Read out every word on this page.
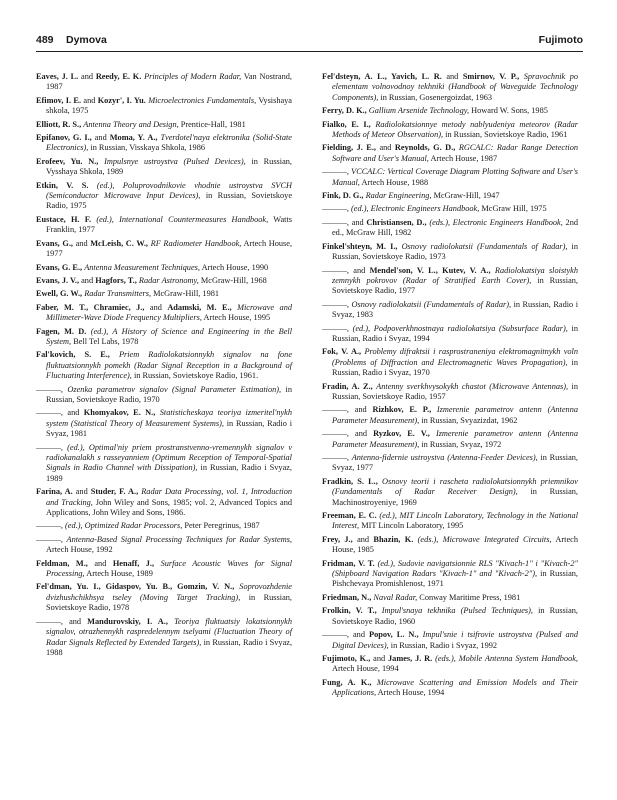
489 Dymova	Fujimoto

Eaves, J. L. and Reedy, E. K. Principles of Modern Radar, Van Nostrand, 1987

Efimov, I. E. and Kozyr', I. Yu. Microelectronics Fundamentals, Vysishaya shkola, 1975

Elliott, R. S., Antenna Theory and Design, Prentice-Hall, 1981

Epifanov, G. I., and Moma, Y. A., Tverdotel'naya elektronika (Solid-State Electronics), in Russian, Visskaya Shkola, 1986

Erofeev, Yu. N., Impulsnye ustroystva (Pulsed Devices), in Russian, Vysshaya Shkola, 1989

Etkin, V. S. (ed.), Poluprovodnikovie vhodnie ustroystva SVCH (Semiconductor Microwave Input Devices), in Russian, Sovietskoye Radio, 1975

Eustace, H. F. (ed.), International Countermeasures Handbook, Watts Franklin, 1977

Evans, G., and McLeish, C. W., RF Radiometer Handbook, Artech House, 1977

Evans, G. E., Antenna Measurement Techniques, Artech House, 1990

Evans, J. V., and Hagfors, T., Radar Astronomy, McGraw-Hill, 1968

Ewell, G. W., Radar Transmitters, McGraw-Hill, 1981

Faber, M. T., Chramiec, J., and Adamski, M. E., Microwave and Millimeter-Wave Diode Frequency Multipliers, Artech House, 1995

Fagen, M. D. (ed.), A History of Science and Engineering in the Bell System, Bell Tel Labs, 1978

Fal'kovich, S. E., Priem Radiolokatsionnykh signalov na fone fluktuatsionnykh pomekh (Radar Signal Reception in a Background of Fluctuating Interference), in Russian, Sovietskoye Radio, 1961.

———, Ozenka parametrov signalov (Signal Parameter Estimation), in Russian, Sovietskoye Radio, 1970

———, and Khomyakov, E. N., Statisticheskaya teoriya izmeritel'nykh system (Statistical Theory of Measurement Systems), in Russian, Radio i Svyaz, 1981

———, (ed.), Optimal'niy priem prostranstvenno-vremennykh signalov v radiokanalakh s rasseyanniem (Optimum Reception of Temporal-Spatial Signals in Radio Channel with Dissipation), in Russian, Radio i Svyaz, 1989

Farina, A. and Studer, F. A., Radar Data Processing, vol. 1, Introduction and Tracking, John Wiley and Sons, 1985; vol. 2, Advanced Topics and Applications, John Wiley and Sons, 1986.

———, (ed.), Optimized Radar Processors, Peter Peregrinus, 1987

———, Antenna-Based Signal Processing Techniques for Radar Systems, Artech House, 1992

Feldman, M., and Henaff, J., Surface Acoustic Waves for Signal Processing, Artech House, 1989

Fel'dman, Yu. I., Gidaspov, Yu. B., Gomzin, V. N., Soprovozhdenie dvizhushchikhsya tseley (Moving Target Tracking), in Russian, Sovietskoye Radio, 1978

———, and Mandurovskiy, I. A., Teoriya fluktuatsiy lokatsionnykh signalov, otrazhennykh raspredelennym tselyami (Fluctuation Theory of Radar Signals Reflected by Extended Targets), in Russian, Radio i Svyaz, 1988

Fel'dsteyn, A. L., Yavich, L. R. and Smirnov, V. P., Spravochnik po elementam volnovodnoy tekhniki (Handbook of Waveguide Technology Components), in Russian, Gosenergoizdat, 1963

Ferry, D. K., Gallium Arsenide Technology, Howard W. Sons, 1985

Fialko, E. I., Radiolokatsionnye metody nablyudeniya meteorov (Radar Methods of Meteor Observation), in Russian, Sovietskoye Radio, 1961

Fielding, J. E., and Reynolds, G. D., RGCALC: Radar Range Detection Software and User's Manual, Artech House, 1987

———, VCCALC: Vertical Coverage Diagram Plotting Software and User's Manual, Artech House, 1988

Fink, D. G., Radar Engineering, McGraw-Hill, 1947

———, (ed.), Electronic Engineers Handbook, McGraw Hill, 1975

———, and Christiansen, D., (eds.), Electronic Engineers Handbook, 2nd ed., McGraw Hill, 1982

Finkel'shteyn, M. I., Osnovy radiolokatsii (Fundamentals of Radar), in Russian, Sovietskoye Radio, 1973

———, and Mendel'son, V. L., Kutev, V. A., Radiolokatsiya sloistykh zemnykh pokrovov (Radar of Stratified Earth Cover), in Russian, Sovietskoye Radio, 1977

———, Osnovy radiolokatsii (Fundamentals of Radar), in Russian, Radio i Svyaz, 1983

———, (ed.), Podpoverkhnostnaya radiolokatsiya (Subsurface Radar), in Russian, Radio i Svyaz, 1994

Fok, V. A., Problemy difraktsii i rasprostraneniya elektromagnitnykh voln (Problems of Diffraction and Electromagnetic Waves Propagation), in Russian, Radio i Svyaz, 1970

Fradin, A. Z., Antenny sverkhvysokykh chastot (Microwave Antennas), in Russian, Sovietskoye Radio, 1957

———, and Rizhkov, E. P., Izmerenie parametrov antenn (Antenna Parameter Measurement), in Russian, Svyazizdat, 1962

———, and Ryzkov, E. V., Izmerenie parametrov antenn (Antenna Parameter Measurement), in Russian, Svyaz, 1972

———, Antenno-fidernie ustroystva (Antenna-Feeder Devices), in Russian, Svyaz, 1977

Fradkin, S. L., Osnovy teorii i rascheta radiolokatsionnykh priemnikov (Fundamentals of Radar Receiver Design), in Russian, Machinostroyeniye, 1969

Freeman, E. C. (ed.), MIT Lincoln Laboratory, Technology in the National Interest, MIT Lincoln Laboratory, 1995

Frey, J., and Bhazin, K. (eds.), Microwave Integrated Circuits, Artech House, 1985

Fridman, V. T. (ed.), Sudovie navigatsionnie RLS "Kivach-1" i "Kivach-2" (Shipboard Navigation Radars "Kivach-1" and "Kivach-2"), in Russian, Pishchevaya Promishlenost, 1971

Friedman, N., Naval Radar, Conway Maritime Press, 1981

Frolkin, V. T., Impul'snaya tekhnika (Pulsed Techniques), in Russian, Sovietskoye Radio, 1960

———, and Popov, L. N., Impul'snie i tsifrovie ustroystva (Pulsed and Digital Devices), in Russian, Radio i Svyaz, 1992

Fujimoto, K., and James, J. R. (eds.), Mobile Antenna System Handbook, Artech House, 1994

Fung, A. K., Microwave Scattering and Emission Models and Their Applications, Artech House, 1994
